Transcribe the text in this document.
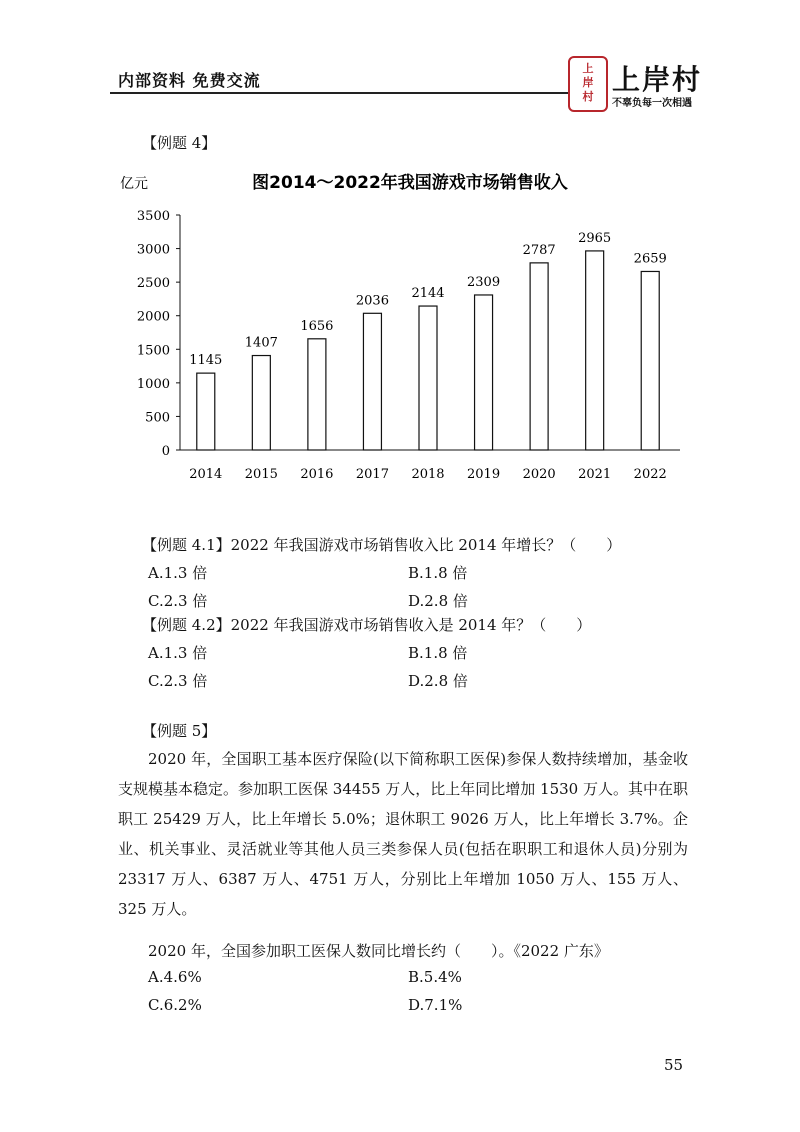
内部资料 免费交流
上
岸
村
上岸村
不辜负每一次相遇
【例题 4】
图2014～2022年我国游戏市场销售收入
亿元
0
500
1000
1500
2000
2500
3000
3500
1145
1407
1656
2036 2144
2309
2787
2965
2659
2014 2015 2016 2017 2018 2019 2020 2021 2022
【例题 4.1】2022 年我国游戏市场销售收入比 2014 年增长？（　　）
A.1.3 倍	B.1.8 倍
C.2.3 倍	D.2.8 倍
【例题 4.2】2022 年我国游戏市场销售收入是 2014 年？（　　）
A.1.3 倍	B.1.8 倍
C.2.3 倍	D.2.8 倍
【例题 5】

2020 年，全国职工基本医疗保险(以下简称职工医保)参保人数持续增加，基金收支规模基本稳定。参加职工医保 34455 万人，比上年同比增加 1530 万人。其中在职职工 25429 万人，比上年增长 5.0%；退休职工 9026 万人，比上年增长 3.7%。企业、机关事业、灵活就业等其他人员三类参保人员(包括在职职工和退休人员)分别为 23317 万人、6387 万人、4751 万人，分别比上年增加 1050 万人、155 万人、325 万人。

2020 年，全国参加职工医保人数同比增长约（　　）。《2022 广东》
A.4.6%	B.5.4%
C.6.2%	D.7.1%
55
